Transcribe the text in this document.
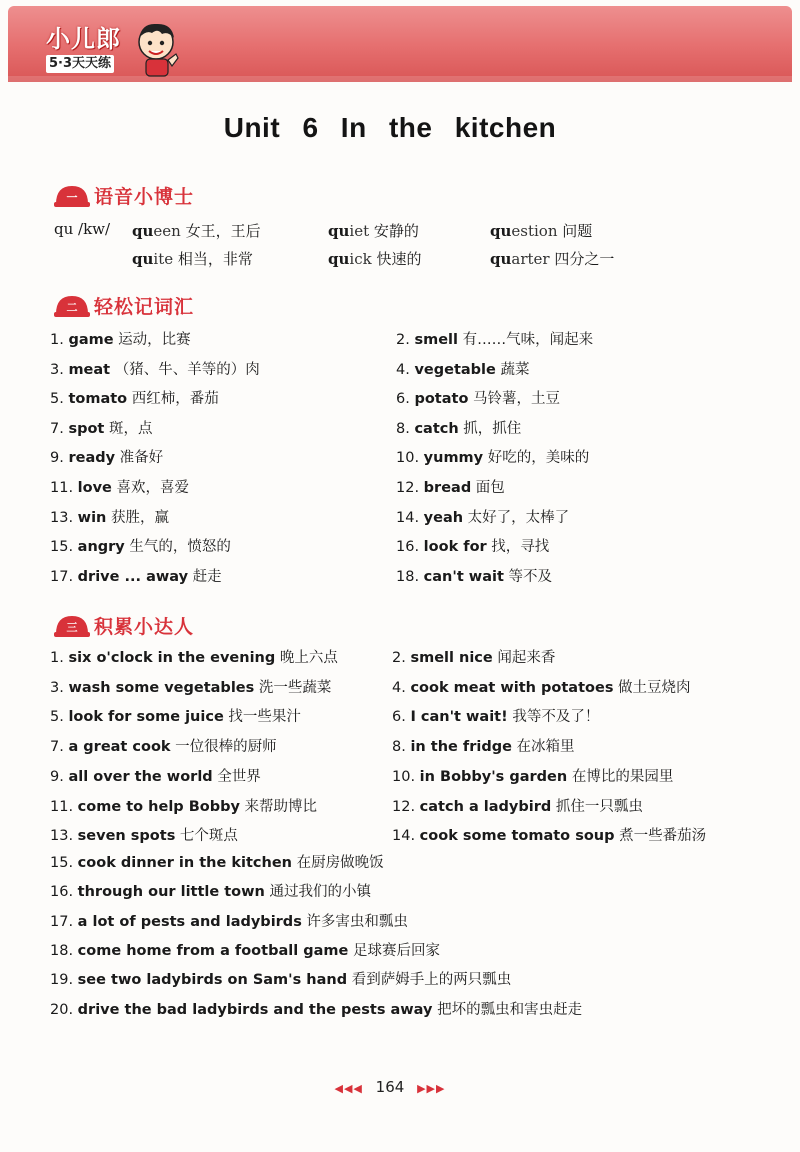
小儿郎
5·3天天练
Unit 6 In the kitchen
一 语音小博士
qu /kw/ queen 女王，王后	quiet 安静的	question 问题
quite 相当，非常	quick 快速的	quarter 四分之一
二 轻松记词汇
1. game 运动，比赛	2. smell 有……气味，闻起来
3. meat （猪、牛、羊等的）肉	4. vegetable 蔬菜
5. tomato 西红柿，番茄	6. potato 马铃薯，土豆
7. spot 斑，点	8. catch 抓，抓住
9. ready 准备好	10. yummy 好吃的，美味的
11. love 喜欢，喜爱	12. bread 面包
13. win 获胜，赢	14. yeah 太好了，太棒了
15. angry 生气的，愤怒的	16. look for 找，寻找
17. drive ... away 赶走	18. can't wait 等不及
三 积累小达人
1. six o'clock in the evening 晚上六点	2. smell nice 闻起来香
3. wash some vegetables 洗一些蔬菜	4. cook meat with potatoes 做土豆烧肉
5. look for some juice 找一些果汁	6. I can't wait! 我等不及了！
7. a great cook 一位很棒的厨师	8. in the fridge 在冰箱里
9. all over the world 全世界	10. in Bobby's garden 在博比的果园里
11. come to help Bobby 来帮助博比	12. catch a ladybird 抓住一只瓢虫
13. seven spots 七个斑点	14. cook some tomato soup 煮一些番茄汤
15. cook dinner in the kitchen 在厨房做晚饭
16. through our little town 通过我们的小镇
17. a lot of pests and ladybirds 许多害虫和瓢虫
18. come home from a football game 足球赛后回家
19. see two ladybirds on Sam's hand 看到萨姆手上的两只瓢虫
20. drive the bad ladybirds and the pests away 把坏的瓢虫和害虫赶走
◀◀◀ 164 ▶▶▶
